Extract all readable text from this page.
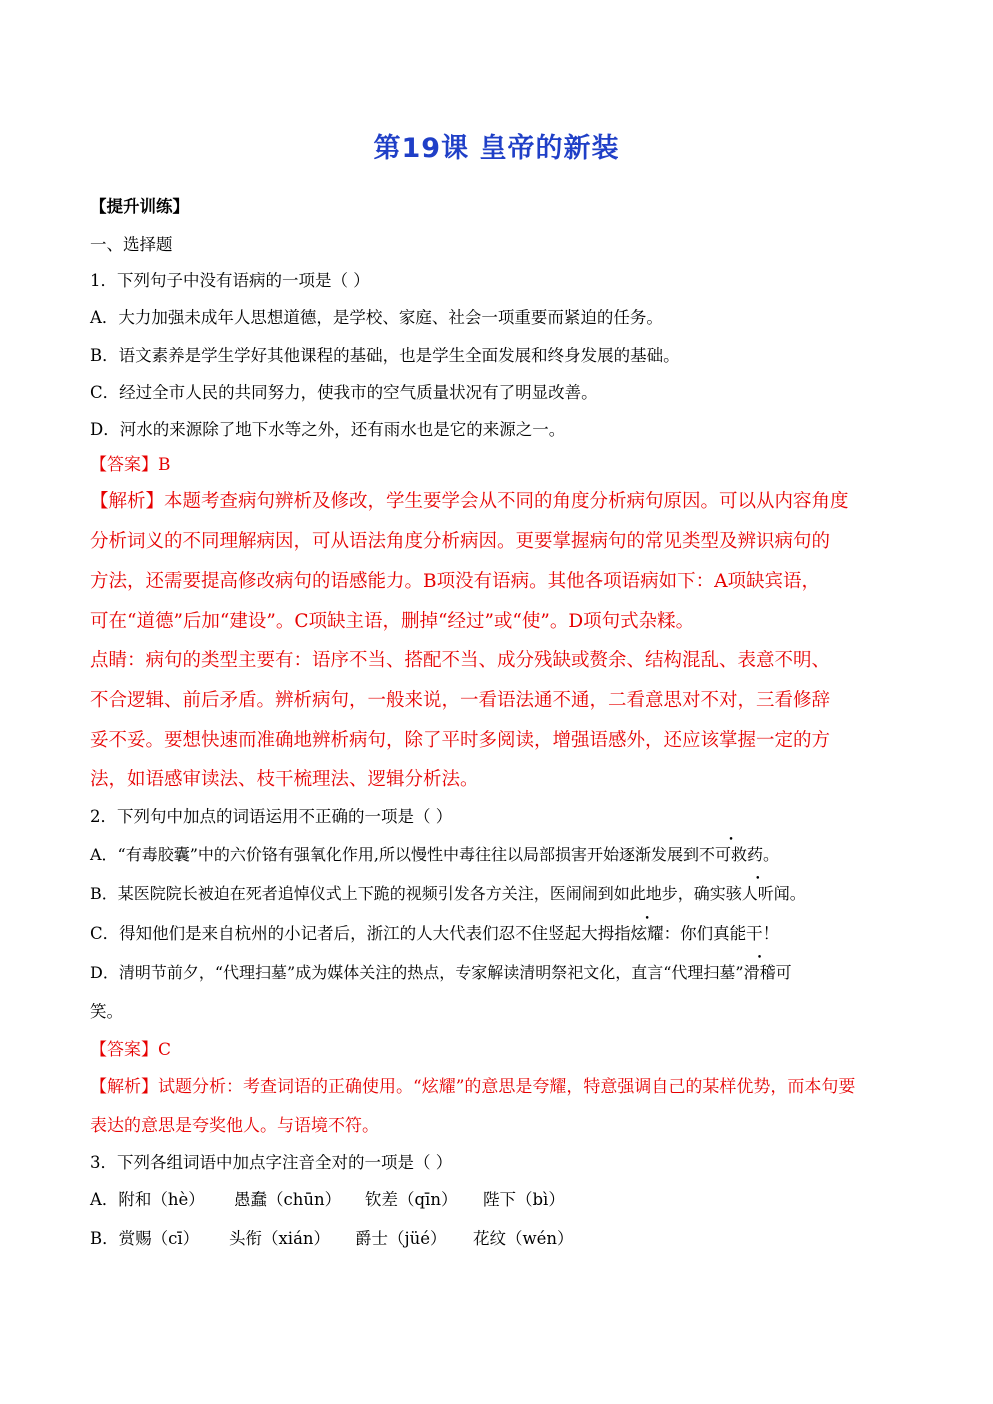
第19课 皇帝的新装
【提升训练】
一、选择题
1．下列句子中没有语病的一项是（ ）
A．大力加强未成年人思想道德，是学校、家庭、社会一项重要而紧迫的任务。
B．语文素养是学生学好其他课程的基础，也是学生全面发展和终身发展的基础。
C．经过全市人民的共同努力，使我市的空气质量状况有了明显改善。
D．河水的来源除了地下水等之外，还有雨水也是它的来源之一。
【答案】B
【解析】本题考查病句辨析及修改，学生要学会从不同的角度分析病句原因。可以从内容角度
分析词义的不同理解病因，可从语法角度分析病因。更要掌握病句的常见类型及辨识病句的
方法，还需要提高修改病句的语感能力。B项没有语病。其他各项语病如下：A项缺宾语，
可在“道德”后加“建设”。C项缺主语，删掉“经过”或“使”。D项句式杂糅。
点睛：病句的类型主要有：语序不当、搭配不当、成分残缺或赘余、结构混乱、表意不明、
不合逻辑、前后矛盾。辨析病句，一般来说，一看语法通不通，二看意思对不对，三看修辞
妥不妥。要想快速而准确地辨析病句，除了平时多阅读，增强语感外，还应该掌握一定的方
法，如语感审读法、枝干梳理法、逻辑分析法。
2．下列句中加点的词语运用不正确的一项是（ ）
A．“有毒胶囊”中的六价铬有强氧化作用,所以慢性中毒往往以局部损害开始逐渐发展到不可救药。
B．某医院院长被迫在死者追悼仪式上下跪的视频引发各方关注，医闹闹到如此地步，确实骇人听闻。
C．得知他们是来自杭州的小记者后，浙江的人大代表们忍不住竖起大拇指炫耀：你们真能干！
D．清明节前夕，“代理扫墓”成为媒体关注的热点，专家解读清明祭祀文化，直言“代理扫墓”滑稽可
笑。
【答案】C
【解析】试题分析：考查词语的正确使用。“炫耀”的意思是夸耀，特意强调自己的某样优势，而本句要
表达的意思是夸奖他人。与语境不符。
3．下列各组词语中加点字注音全对的一项是（ ）
A．附和（hè） 愚蠢（chūn） 钦差（qīn） 陛下（bì）
B．赏赐（cī） 头衔（xián） 爵士（jüé） 花纹（wén）
